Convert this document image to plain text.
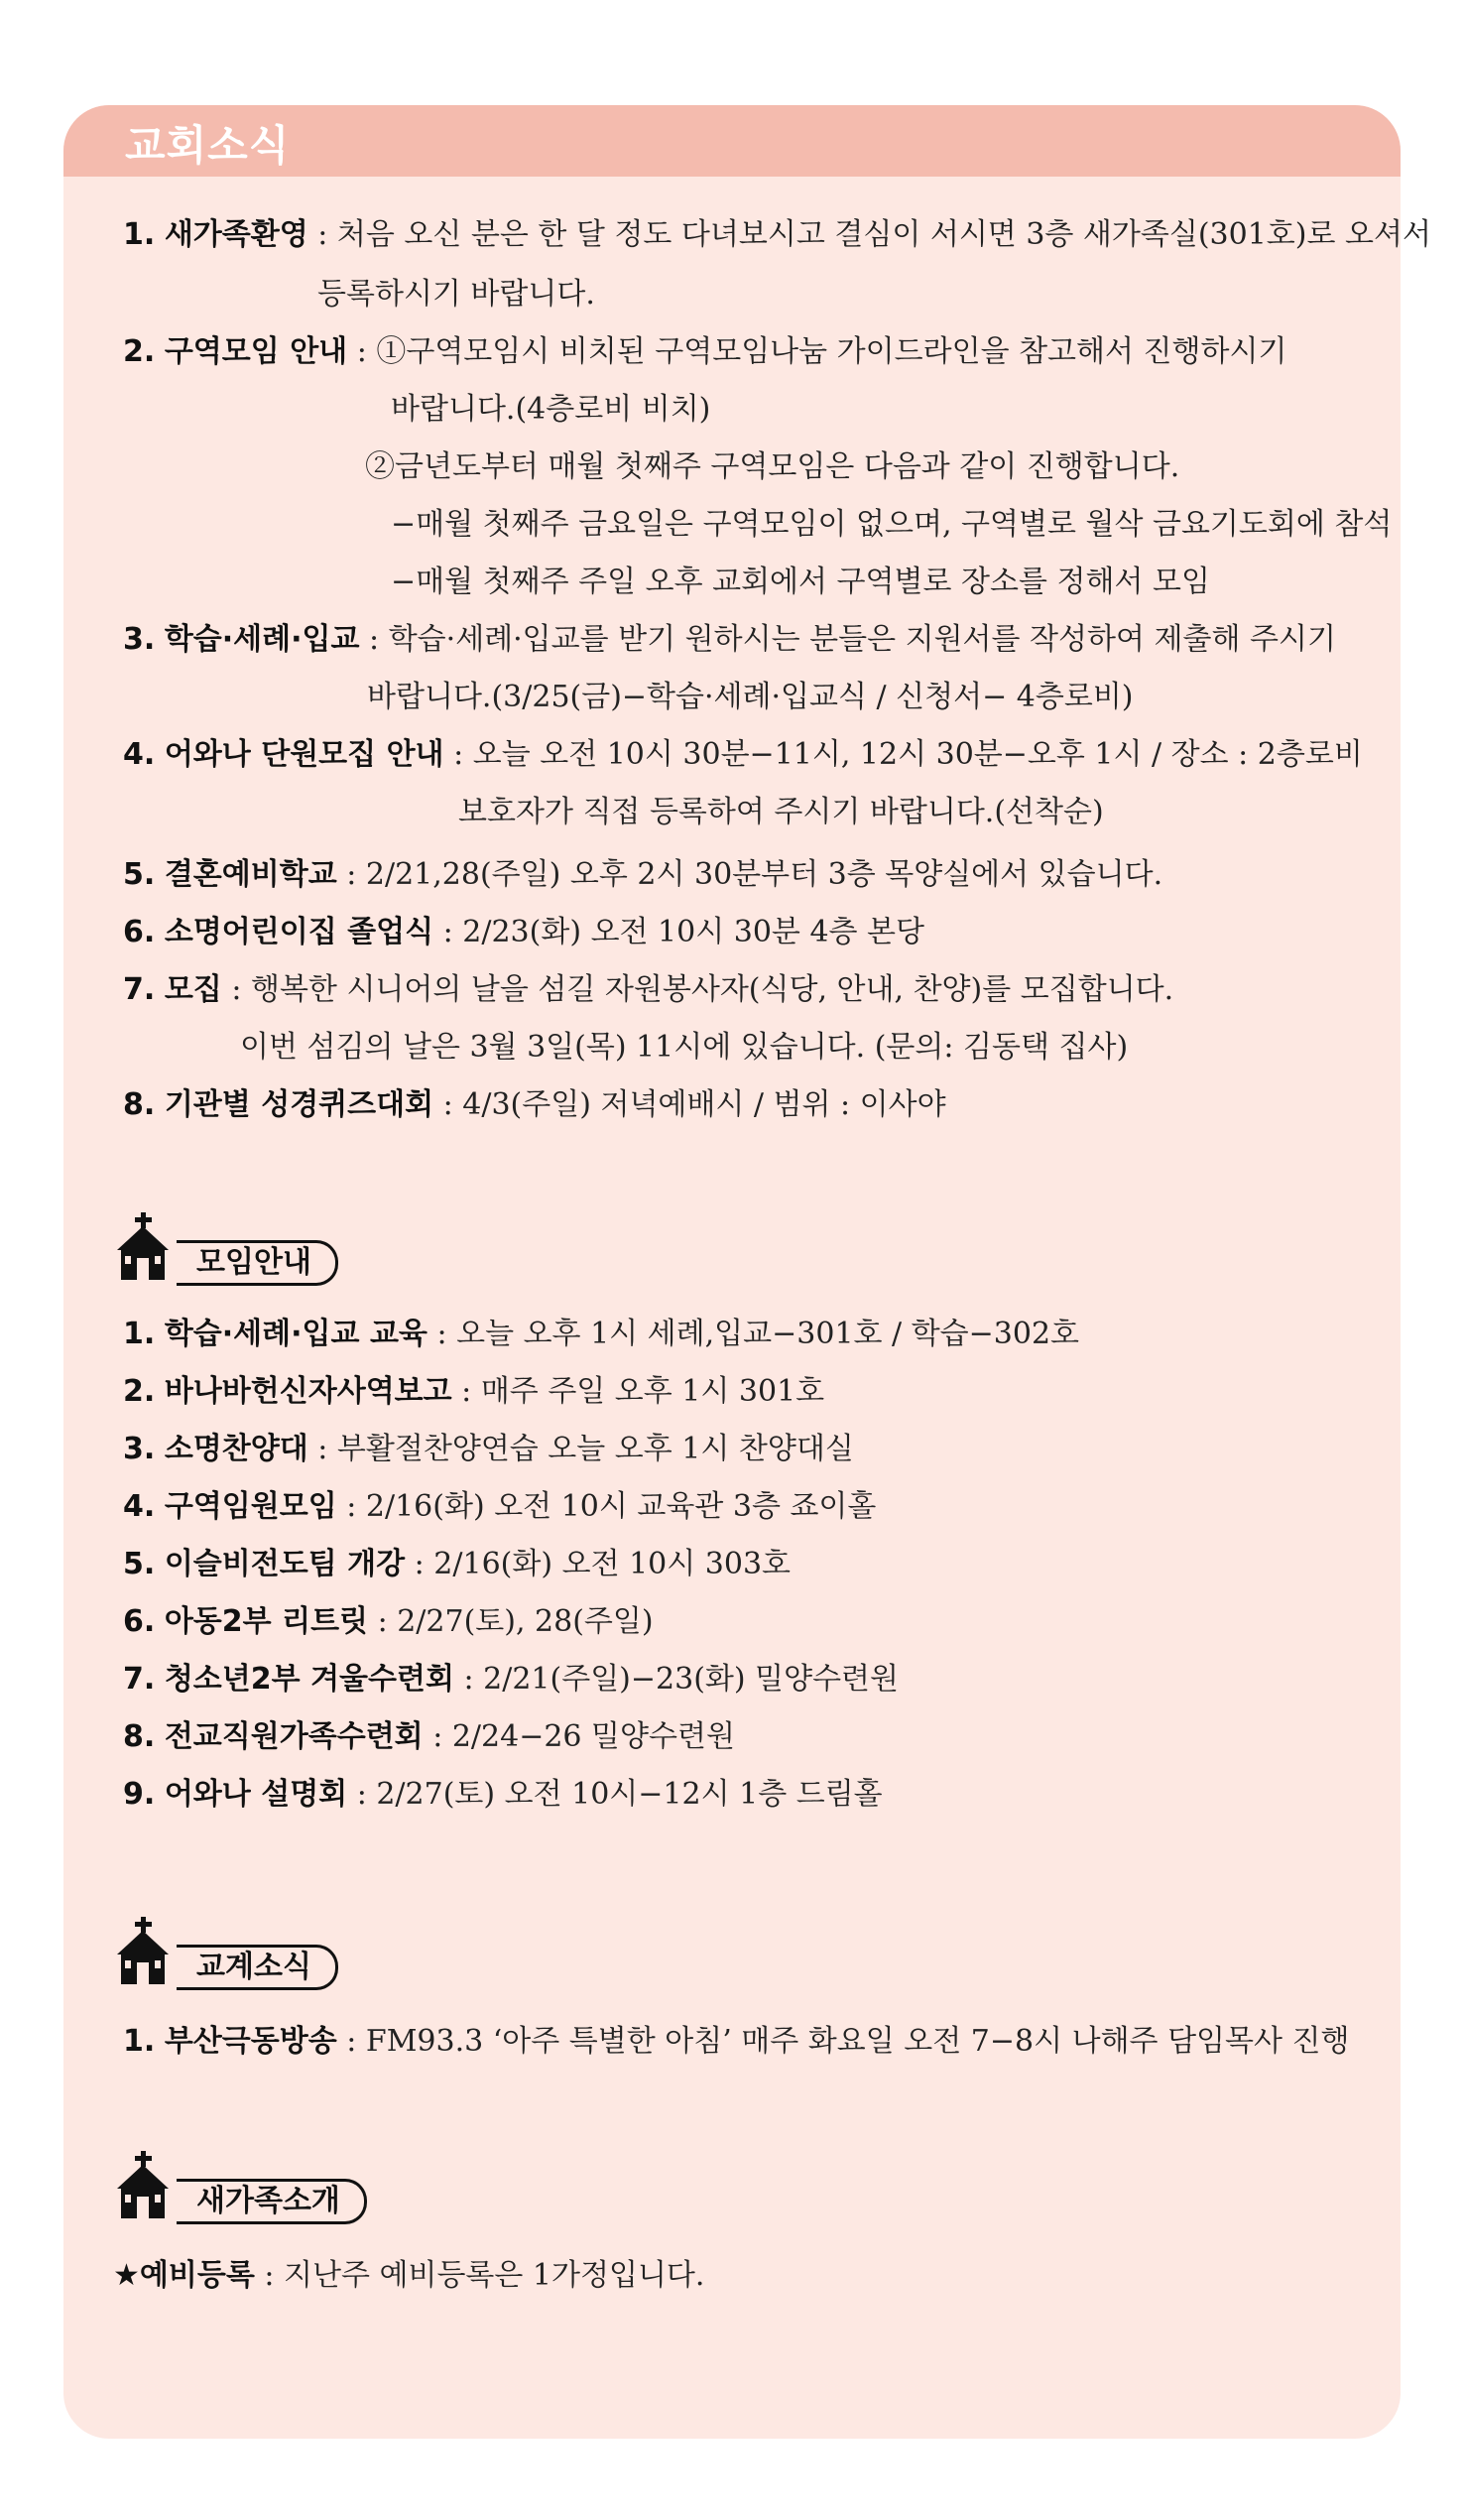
교회소식
1. 새가족환영 : 처음 오신 분은 한 달 정도 다녀보시고 결심이 서시면 3층 새가족실(301호)로 오셔서
등록하시기 바랍니다.
2. 구역모임 안내 : ①구역모임시 비치된 구역모임나눔 가이드라인을 참고해서 진행하시기
바랍니다.(4층로비 비치)
②금년도부터 매월 첫째주 구역모임은 다음과 같이 진행합니다.
−매월 첫째주 금요일은 구역모임이 없으며, 구역별로 월삭 금요기도회에 참석
−매월 첫째주 주일 오후 교회에서 구역별로 장소를 정해서 모임
3. 학습·세례·입교 : 학습·세례·입교를 받기 원하시는 분들은 지원서를 작성하여 제출해 주시기
바랍니다.(3/25(금)−학습·세례·입교식 / 신청서− 4층로비)
4. 어와나 단원모집 안내 : 오늘 오전 10시 30분−11시, 12시 30분−오후 1시 / 장소 : 2층로비
보호자가 직접 등록하여 주시기 바랍니다.(선착순)
5. 결혼예비학교 : 2/21,28(주일) 오후 2시 30분부터 3층 목양실에서 있습니다.
6. 소명어린이집 졸업식 : 2/23(화) 오전 10시 30분 4층 본당
7. 모집 : 행복한 시니어의 날을 섬길 자원봉사자(식당, 안내, 찬양)를 모집합니다.
이번 섬김의 날은 3월 3일(목) 11시에 있습니다. (문의: 김동택 집사)
8. 기관별 성경퀴즈대회 : 4/3(주일) 저녁예배시 / 범위 : 이사야
모임안내
1. 학습·세례·입교 교육 : 오늘 오후 1시 세례,입교−301호 / 학습−302호
2. 바나바헌신자사역보고 : 매주 주일 오후 1시 301호
3. 소명찬양대 : 부활절찬양연습 오늘 오후 1시 찬양대실
4. 구역임원모임 : 2/16(화) 오전 10시 교육관 3층 죠이홀
5. 이슬비전도팀 개강 : 2/16(화) 오전 10시 303호
6. 아동2부 리트릿 : 2/27(토), 28(주일)
7. 청소년2부 겨울수련회 : 2/21(주일)−23(화) 밀양수련원
8. 전교직원가족수련회 : 2/24−26 밀양수련원
9. 어와나 설명회 : 2/27(토) 오전 10시−12시 1층 드림홀
교계소식
1. 부산극동방송 : FM93.3 ‘아주 특별한 아침’ 매주 화요일 오전 7−8시 나해주 담임목사 진행
새가족소개
★예비등록 : 지난주 예비등록은 1가정입니다.
